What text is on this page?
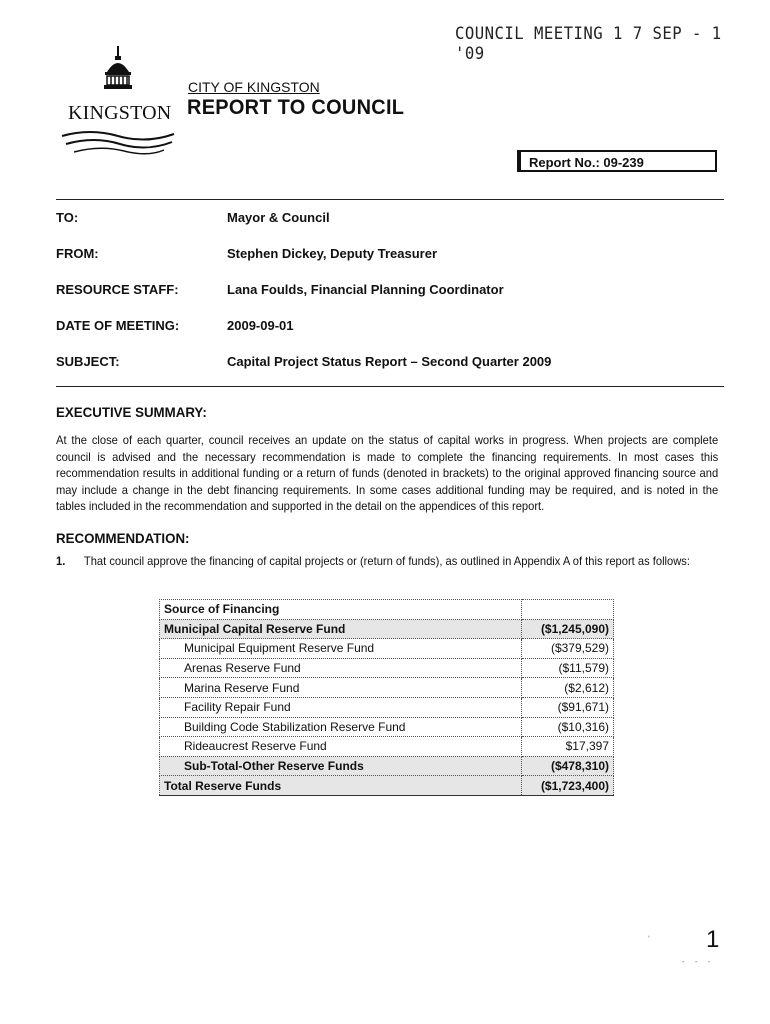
COUNCIL MEETING 1 7 SEP - 1 '09
KINGSTON
CITY OF KINGSTON
REPORT TO COUNCIL
Report No.: 09-239
TO:	Mayor & Council
FROM:	Stephen Dickey, Deputy Treasurer
RESOURCE STAFF:	Lana Foulds, Financial Planning Coordinator
DATE OF MEETING:	2009-09-01
SUBJECT:	Capital Project Status Report – Second Quarter 2009
EXECUTIVE SUMMARY:
At the close of each quarter, council receives an update on the status of capital works in progress. When projects are complete council is advised and the necessary recommendation is made to complete the financing requirements. In most cases this recommendation results in additional funding or a return of funds (denoted in brackets) to the original approved financing source and may include a change in the debt financing requirements. In some cases additional funding may be required, and is noted in the tables included in the recommendation and supported in the detail on the appendices of this report.
RECOMMENDATION:
1. That council approve the financing of capital projects or (return of funds), as outlined in Appendix A of this report as follows:
Source of Financing	
Municipal Capital Reserve Fund	($1,245,090)
Municipal Equipment Reserve Fund	($379,529)
Arenas Reserve Fund	($11,579)
Marina Reserve Fund	($2,612)
Facility Repair Fund	($91,671)
Building Code Stabilization Reserve Fund	($10,316)
Rideaucrest Reserve Fund	$17,397
Sub-Total-Other Reserve Funds	($478,310)
Total Reserve Funds	($1,723,400)
ʼ 1
- - -
